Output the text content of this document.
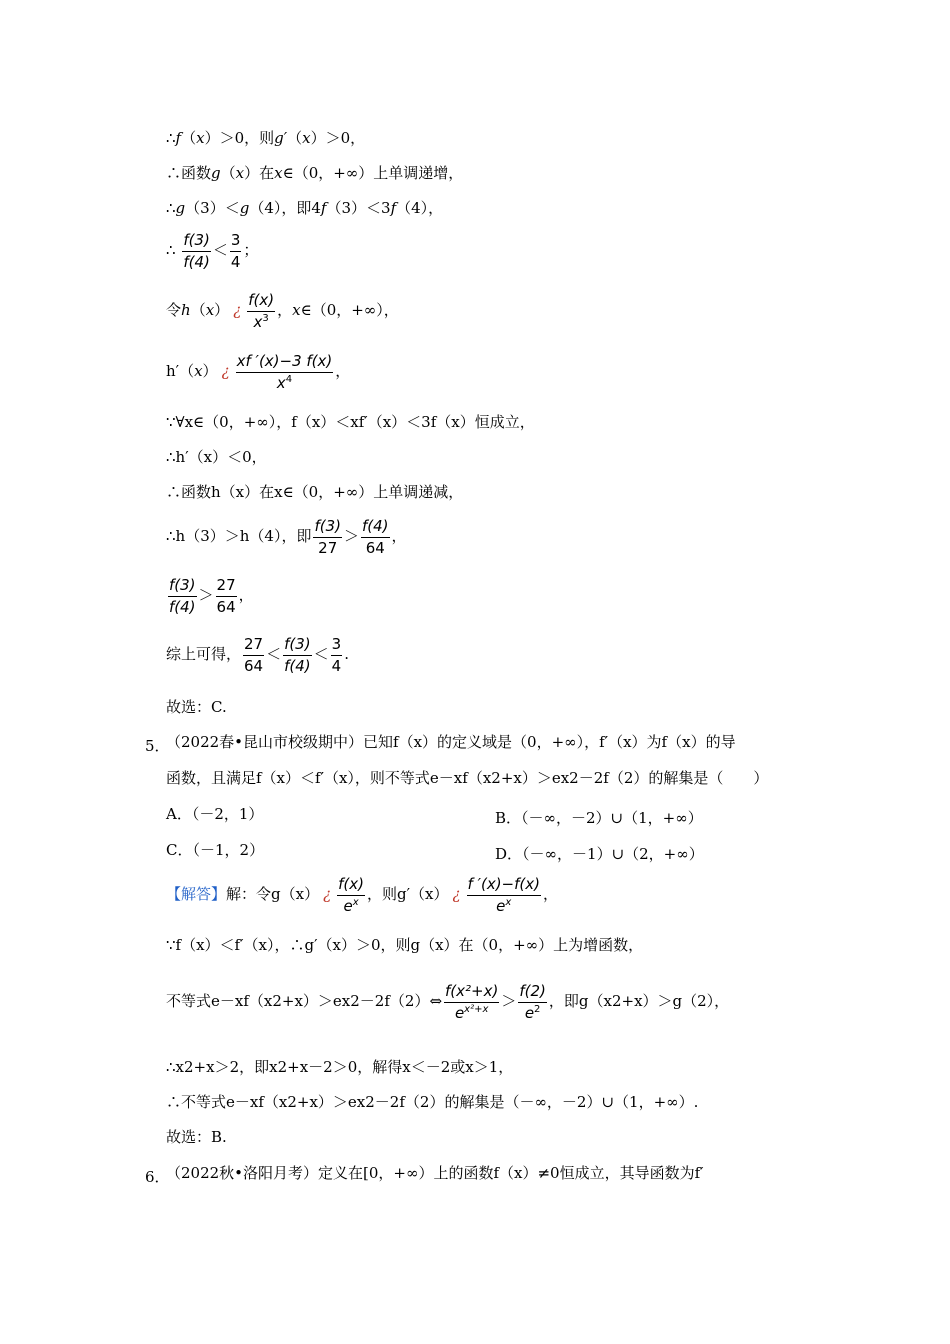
∴f（x）＞0，则g′（x）＞0，
∴函数g（x）在x∈（0，+∞）上单调递增，
∴g（3）＜g（4），即4f（3）＜3f（4），
∴ $\frac{f(3)}{f(4)} < \frac{3}{4}$ ；
令h（x） ¿ $\frac{f(x)}{x^3}$ ，x∈（0，+∞），
h′（x） ¿ $\frac{xf '(x)-3 f(x)}{x^4}$ ，
∵∀x∈（0，+∞），f（x）＜xf′（x）＜3f（x）恒成立，
∴h′（x）＜0，
∴函数h（x）在x∈（0，+∞）上单调递减，
∴h（3）＞h（4），即 $\frac{f(3)}{27} > \frac{f(4)}{64}$ ，
$\frac{f(3)}{f(4)} > \frac{27}{64}$ ，
综上可得， $\frac{27}{64} < \frac{f(3)}{f(4)} < \frac{3}{4}$ .
故选：C.
5．
（2022春•昆山市校级期中）已知f（x）的定义域是（0，+∞），f′（x）为f（x）的导
函数，且满足f（x）＜f′（x），则不等式e－xf（x2+x）＞ex2－2f（2）的解集是（　　）
A．（－2，1）	B．（－∞，－2）∪（1，+∞）
C．（－1，2）	D．（－∞，－1）∪（2，+∞）
【解答】解：令g（x） ¿ $\frac{f(x)}{e^x}$ ，则g′（x） ¿ $\frac{f '(x)-f(x)}{e^x}$ ，
∵f（x）＜f′（x），∴g′（x）＞0，则g（x）在（0，+∞）上为增函数，
不等式e－xf（x2+x）＞ex2－2f（2）⇔ $\frac{\text{f(x²+x)}}{e^{x^2+x}} > \frac{f(2)}{e^2}$ ，即g（x2+x）＞g（2），
∴x2+x＞2，即x2+x－2＞0，解得x＜－2或x＞1，
∴不等式e－xf（x2+x）＞ex2－2f（2）的解集是（－∞，－2）∪（1，+∞）.
故选：B.
6．
（2022秋•洛阳月考）定义在[0，+∞）上的函数f（x）≠0恒成立，其导函数为f′
